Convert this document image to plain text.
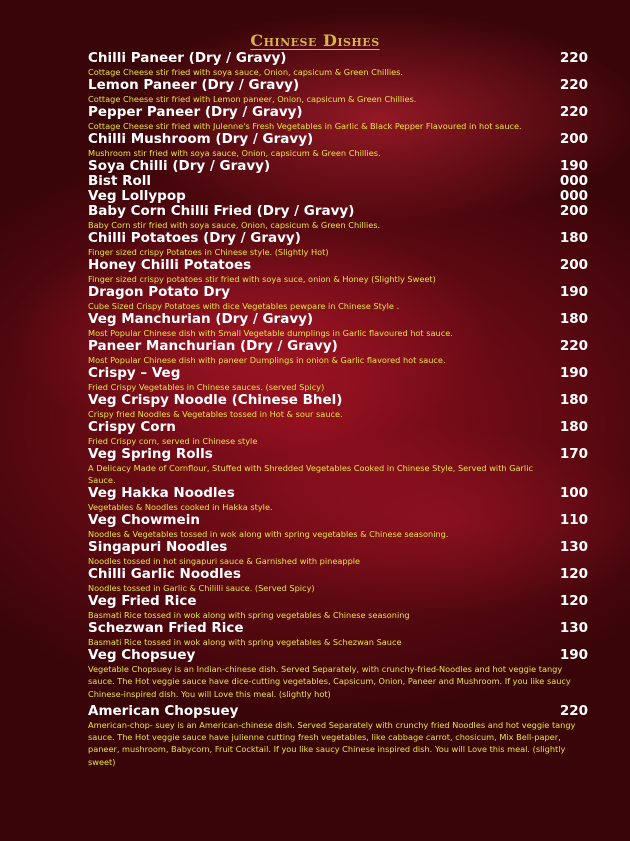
Chinese Dishes
Chilli Paneer (Dry / Gravy)	220
Cottage Cheese stir fried with soya sauce, Onion, capsicum & Green Chillies.
Lemon Paneer (Dry / Gravy)	220
Cottage Cheese stir fried with Lemon paneer, Onion, capsicum & Green Chillies.
Pepper Paneer (Dry / Gravy)	220
Cottage Cheese stir fried with Julenne's Fresh Vegetables in Garlic & Black Pepper Flavoured in hot sauce.
Chilli Mushroom (Dry / Gravy)	200
Mushroom stir fried with soya sauce, Onion, capsicum & Green Chillies.
Soya Chilli (Dry / Gravy)	190
Bist Roll	000
Veg Lollypop	000
Baby Corn Chilli Fried (Dry / Gravy)	200
Baby Corn stir fried with soya sauce, Onion, capsicum & Green Chillies.
Chilli Potatoes (Dry / Gravy)	180
Finger sized crispy Potatoes in Chinese style. (Slightly Hot)
Honey Chilli Potatoes	200
Finger sized crispy potatoes stir fried with soya suce, onion & Honey (Slightly Sweet)
Dragon Potato Dry	190
Cube Sized Crispy Potatoes with dice Vegetables pewpare in Chinese Style .
Veg Manchurian (Dry / Gravy)	180
Most Popular Chinese dish with Small Vegetable dumplings in Garlic flavoured hot sauce.
Paneer Manchurian (Dry / Gravy)	220
Most Popular Chinese dish with paneer Dumplings in onion & Garlic flavored hot sauce.
Crispy – Veg	190
Fried Crispy Vegetables in Chinese sauces. (served Spicy)
Veg Crispy Noodle (Chinese Bhel)	180
Crispy fried Noodles & Vegetables tossed in Hot & sour sauce.
Crispy Corn	180
Fried Crispy corn, served in Chinese style
Veg Spring Rolls	170
A Delicacy Made of Cornflour, Stuffed with Shredded Vegetables Cooked in Chinese Style, Served with Garlic Sauce.
Veg Hakka Noodles	100
Vegetables & Noodles cooked in Hakka style.
Veg Chowmein	110
Noodles & Vegetables tossed in wok along with spring vegetables & Chinese seasoning.
Singapuri Noodles	130
Noodles tossed in hot singapuri sauce & Garnished with pineapple
Chilli Garlic Noodles	120
Noodles tossed in Garlic & Chililli sauce. (Served Spicy)
Veg Fried Rice	120
Basmati Rice tossed in wok along with spring vegetables & Chinese seasoning
Schezwan Fried Rice	130
Basmati Rice tossed in wok along with spring vegetables & Schezwan Sauce
Veg Chopsuey	190
Vegetable Chopsuey is an Indian-chinese dish. Served Separately, with crunchy-fried-Noodles and hot veggie tangy sauce. The Hot veggie sauce have dice-cutting vegetables, Capsicum, Onion, Paneer and Mushroom. If you like saucy Chinese-inspired dish. You will Love this meal. (slightly hot)
American Chopsuey	220
American-chop- suey is an American-chinese dish. Served Separately with crunchy fried Noodles and hot veggie tangy sauce. The Hot veggie sauce have julienne cutting fresh vegetables, like cabbage carrot, chosicum, Mix Bell-paper, paneer, mushroom, Babycorn, Fruit Cocktail. If you like saucy Chinese inspired dish. You will Love this meal. (slightly sweet)
